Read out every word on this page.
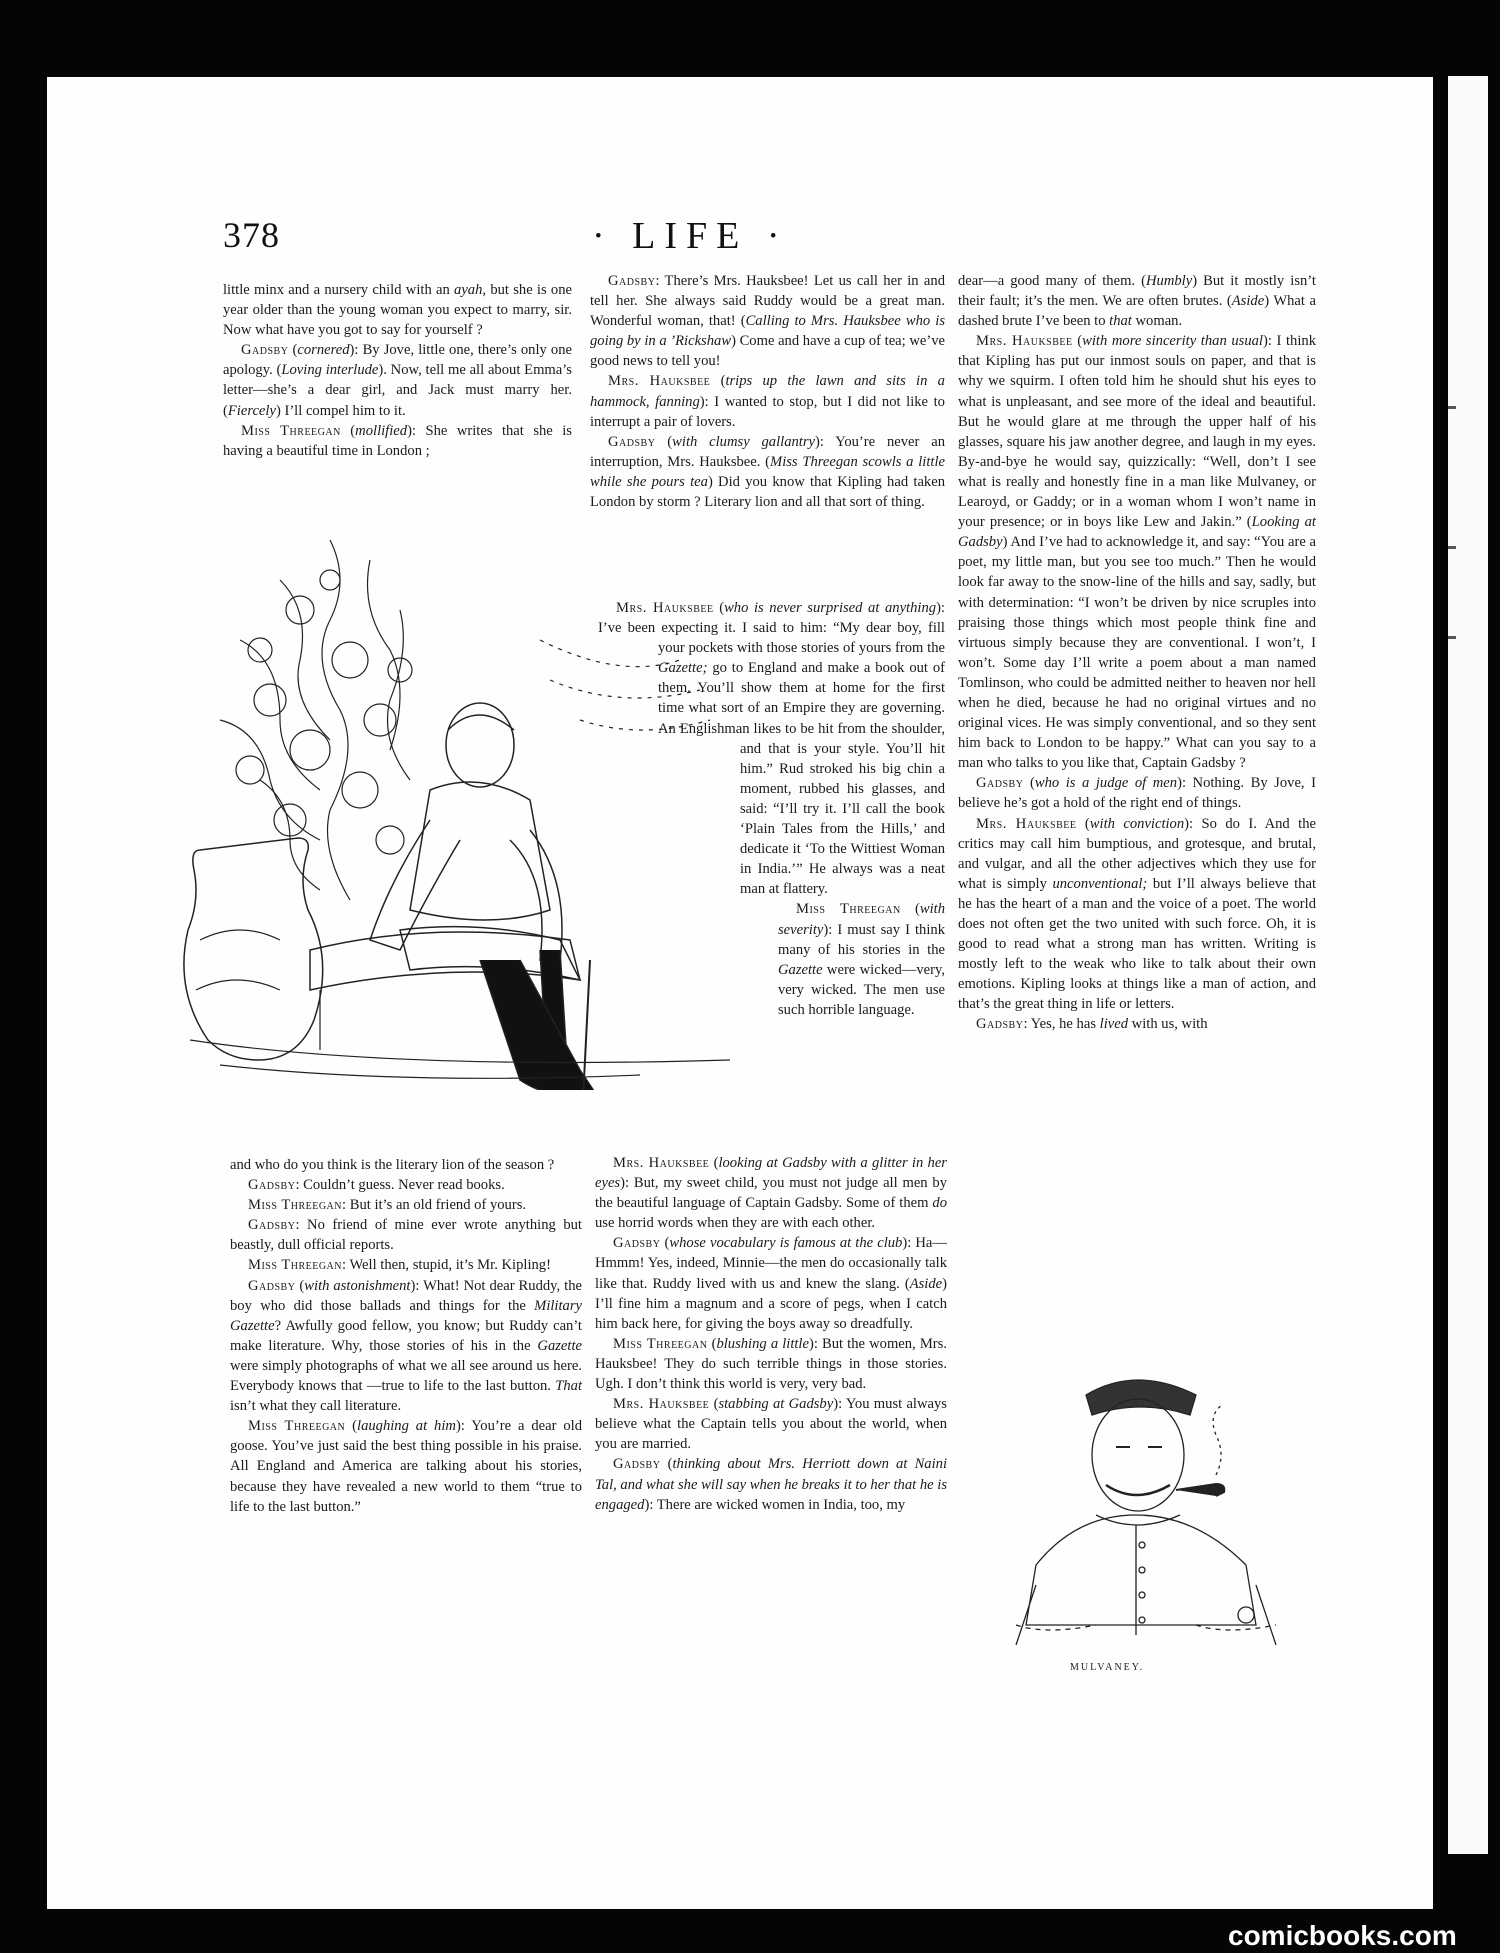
378	· LIFE ·

little minx and a nursery child with an ayah, but she is one year older than the young woman you expect to marry, sir. Now what have you got to say for yourself ?

Gadsby (cornered): By Jove, little one, there’s only one apology. (Loving interlude). Now, tell me all about Emma’s letter—she’s a dear girl, and Jack must marry her. (Fiercely) I’ll compel him to it.

Miss Threegan (mollified): She writes that she is having a beautiful time in London ;

and who do you think is the literary lion of the season ?

Gadsby: Couldn’t guess. Never read books.

Miss Threegan: But it’s an old friend of yours.

Gadsby: No friend of mine ever wrote anything but beastly, dull official reports.

Miss Threegan: Well then, stupid, it’s Mr. Kipling!

Gadsby (with astonishment): What! Not dear Ruddy, the boy who did those ballads and things for the Military Gazette? Awfully good fellow, you know; but Ruddy can’t make literature. Why, those stories of his in the Gazette were simply photographs of what we all see around us here. Everybody knows that —true to life to the last button. That isn’t what they call literature.

Miss Threegan (laughing at him): You’re a dear old goose. You’ve just said the best thing possible in his praise. All England and America are talking about his stories, because they have revealed a new world to them “true to life to the last button.”

Gadsby: There’s Mrs. Hauksbee! Let us call her in and tell her. She always said Ruddy would be a great man. Wonderful woman, that! (Calling to Mrs. Hauksbee who is going by in a ’Rickshaw) Come and have a cup of tea; we’ve good news to tell you!

Mrs. Hauksbee (trips up the lawn and sits in a hammock, fanning): I wanted to stop, but I did not like to interrupt a pair of lovers.

Gadsby (with clumsy gallantry): You’re never an interruption, Mrs. Hauksbee. (Miss Threegan scowls a little while she pours tea) Did you know that Kipling had taken London by storm ? Literary lion and all that sort of thing.

Mrs. Hauksbee (who is never surprised at anything): I’ve been expecting it. I said to him: “My dear boy, fill your pockets with those stories of yours from the Gazette; go to England and make a book out of them. You’ll show them at home for the first time what sort of an Empire they are governing. An Englishman likes to be hit from the shoulder, and that is your style. You’ll hit him.” Rud stroked his big chin a moment, rubbed his glasses, and said: “I’ll try it. I’ll call the book ‘Plain Tales from the Hills,’ and dedicate it ‘To the Wittiest Woman in India.’” He always was a neat man at flattery.

Miss Threegan (with severity): I must say I think many of his stories in the Gazette were wicked—very, very wicked. The men use such horrible language.

Mrs. Hauksbee (looking at Gadsby with a glitter in her eyes): But, my sweet child, you must not judge all men by the beautiful language of Captain Gadsby. Some of them do use horrid words when they are with each other.

Gadsby (whose vocabulary is famous at the club): Ha—Hmmm! Yes, indeed, Minnie—the men do occasionally talk like that. Ruddy lived with us and knew the slang. (Aside) I’ll fine him a magnum and a score of pegs, when I catch him back here, for giving the boys away so dreadfully.

Miss Threegan (blushing a little): But the women, Mrs. Hauksbee! They do such terrible things in those stories. Ugh. I don’t think this world is very, very bad.

Mrs. Hauksbee (stabbing at Gadsby): You must always believe what the Captain tells you about the world, when you are married.

Gadsby (thinking about Mrs. Herriott down at Naini Tal, and what she will say when he breaks it to her that he is engaged): There are wicked women in India, too, my

dear—a good many of them. (Humbly) But it mostly isn’t their fault; it’s the men. We are often brutes. (Aside) What a dashed brute I’ve been to that woman.

Mrs. Hauksbee (with more sincerity than usual): I think that Kipling has put our inmost souls on paper, and that is why we squirm. I often told him he should shut his eyes to what is unpleasant, and see more of the ideal and beautiful. But he would glare at me through the upper half of his glasses, square his jaw another degree, and laugh in my eyes. By-and-bye he would say, quizzically: “Well, don’t I see what is really and honestly fine in a man like Mulvaney, or Learoyd, or Gaddy; or in a woman whom I won’t name in your presence; or in boys like Lew and Jakin.” (Looking at Gadsby) And I’ve had to acknowledge it, and say: “You are a poet, my little man, but you see too much.” Then he would look far away to the snow-line of the hills and say, sadly, but with determination: “I won’t be driven by nice scruples into praising those things which most people think fine and virtuous simply because they are conventional. I won’t, I won’t. Some day I’ll write a poem about a man named Tomlinson, who could be admitted neither to heaven nor hell when he died, because he had no original virtues and no original vices. He was simply conventional, and so they sent him back to London to be happy.” What can you say to a man who talks to you like that, Captain Gadsby ?

Gadsby (who is a judge of men): Nothing. By Jove, I believe he’s got a hold of the right end of things.

Mrs. Hauksbee (with conviction): So do I. And the critics may call him bumptious, and grotesque, and brutal, and vulgar, and all the other adjectives which they use for what is simply unconventional; but I’ll always believe that he has the heart of a man and the voice of a poet. The world does not often get the two united with such force. Oh, it is good to read what a strong man has written. Writing is mostly left to the weak who like to talk about their own emotions. Kipling looks at things like a man of action, and that’s the great thing in life or letters.

Gadsby: Yes, he has lived with us, with

MULVANEY.

comicbooks.com
